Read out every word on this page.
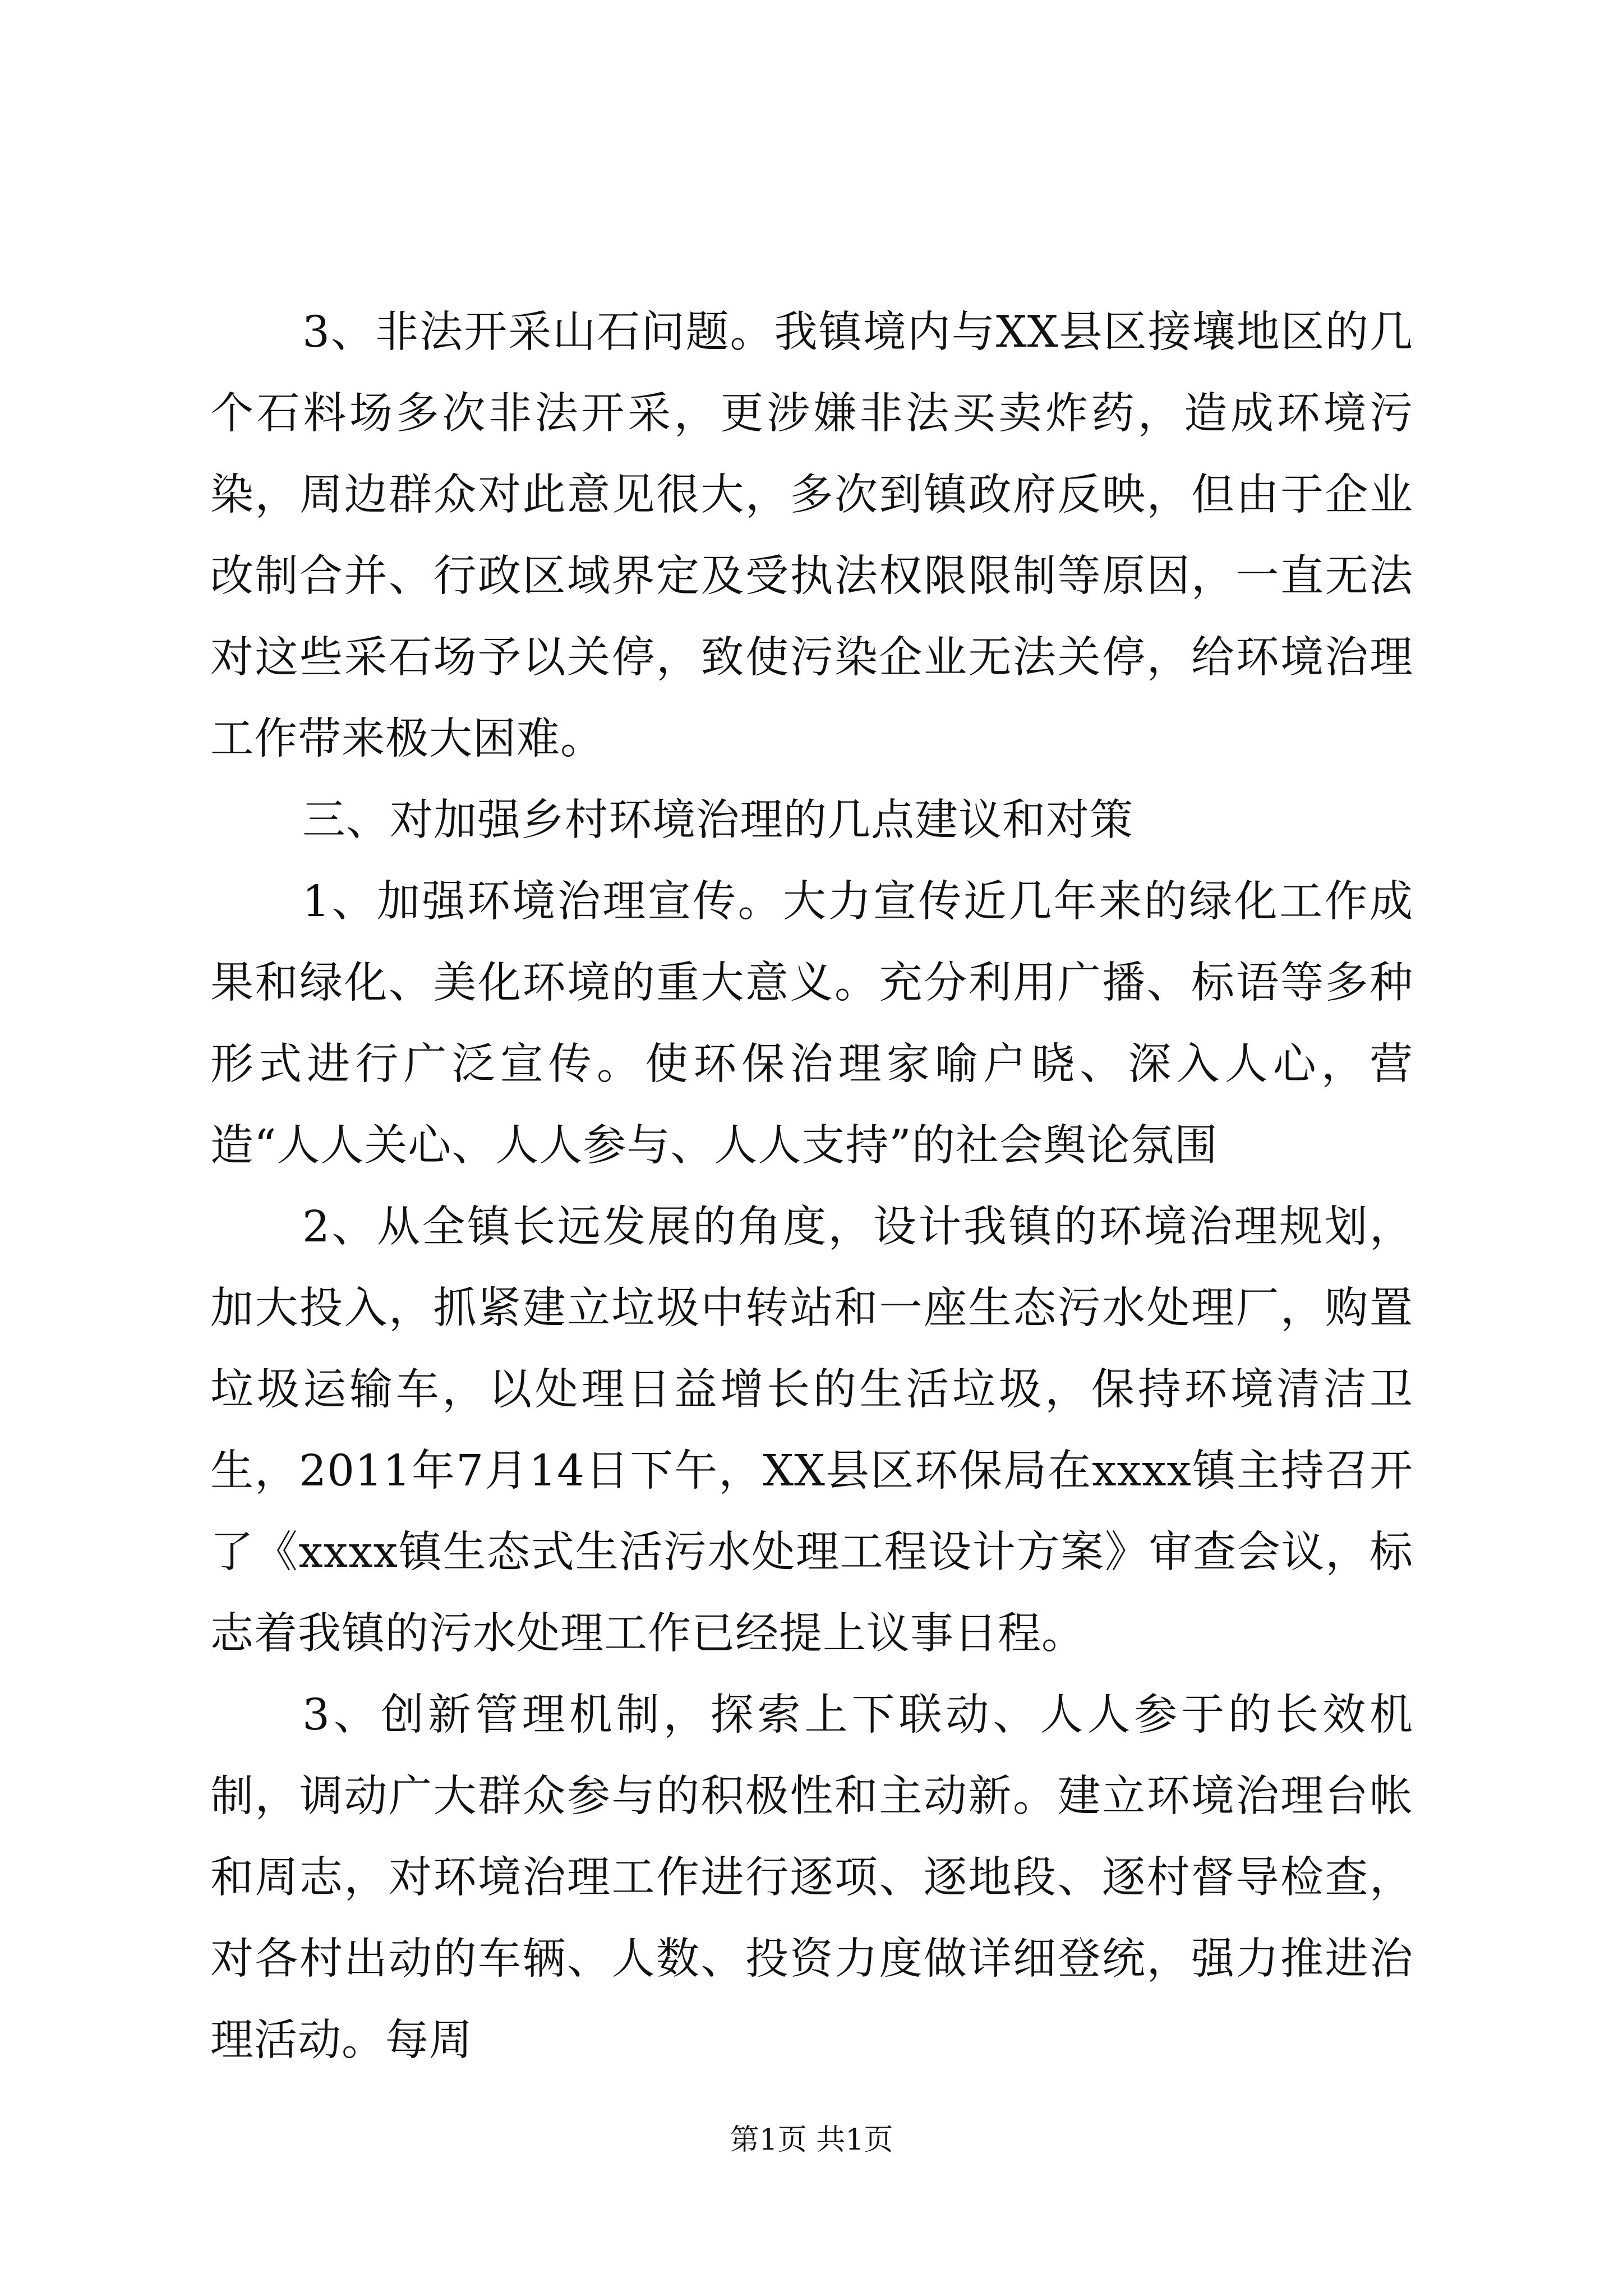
3、非法开采山石问题。我镇境内与XX县区接壤地区的几个石料场多次非法开采，更涉嫌非法买卖炸药，造成环境污染，周边群众对此意见很大，多次到镇政府反映，但由于企业改制合并、行政区域界定及受执法权限限制等原因，一直无法对这些采石场予以关停，致使污染企业无法关停，给环境治理工作带来极大困难。

三、对加强乡村环境治理的几点建议和对策

1、加强环境治理宣传。大力宣传近几年来的绿化工作成果和绿化、美化环境的重大意义。充分利用广播、标语等多种形式进行广泛宣传。使环保治理家喻户晓、深入人心，营造“人人关心、人人参与、人人支持”的社会舆论氛围

2、从全镇长远发展的角度，设计我镇的环境治理规划，加大投入，抓紧建立垃圾中转站和一座生态污水处理厂，购置垃圾运输车，以处理日益增长的生活垃圾，保持环境清洁卫生，2011年7月14日下午，XX县区环保局在xxxx镇主持召开了《xxxx镇生态式生活污水处理工程设计方案》审查会议，标志着我镇的污水处理工作已经提上议事日程。

3、创新管理机制，探索上下联动、人人参于的长效机制，调动广大群众参与的积极性和主动新。建立环境治理台帐和周志，对环境治理工作进行逐项、逐地段、逐村督导检查，对各村出动的车辆、人数、投资力度做详细登统，强力推进治理活动。每周

第1页 共1页
